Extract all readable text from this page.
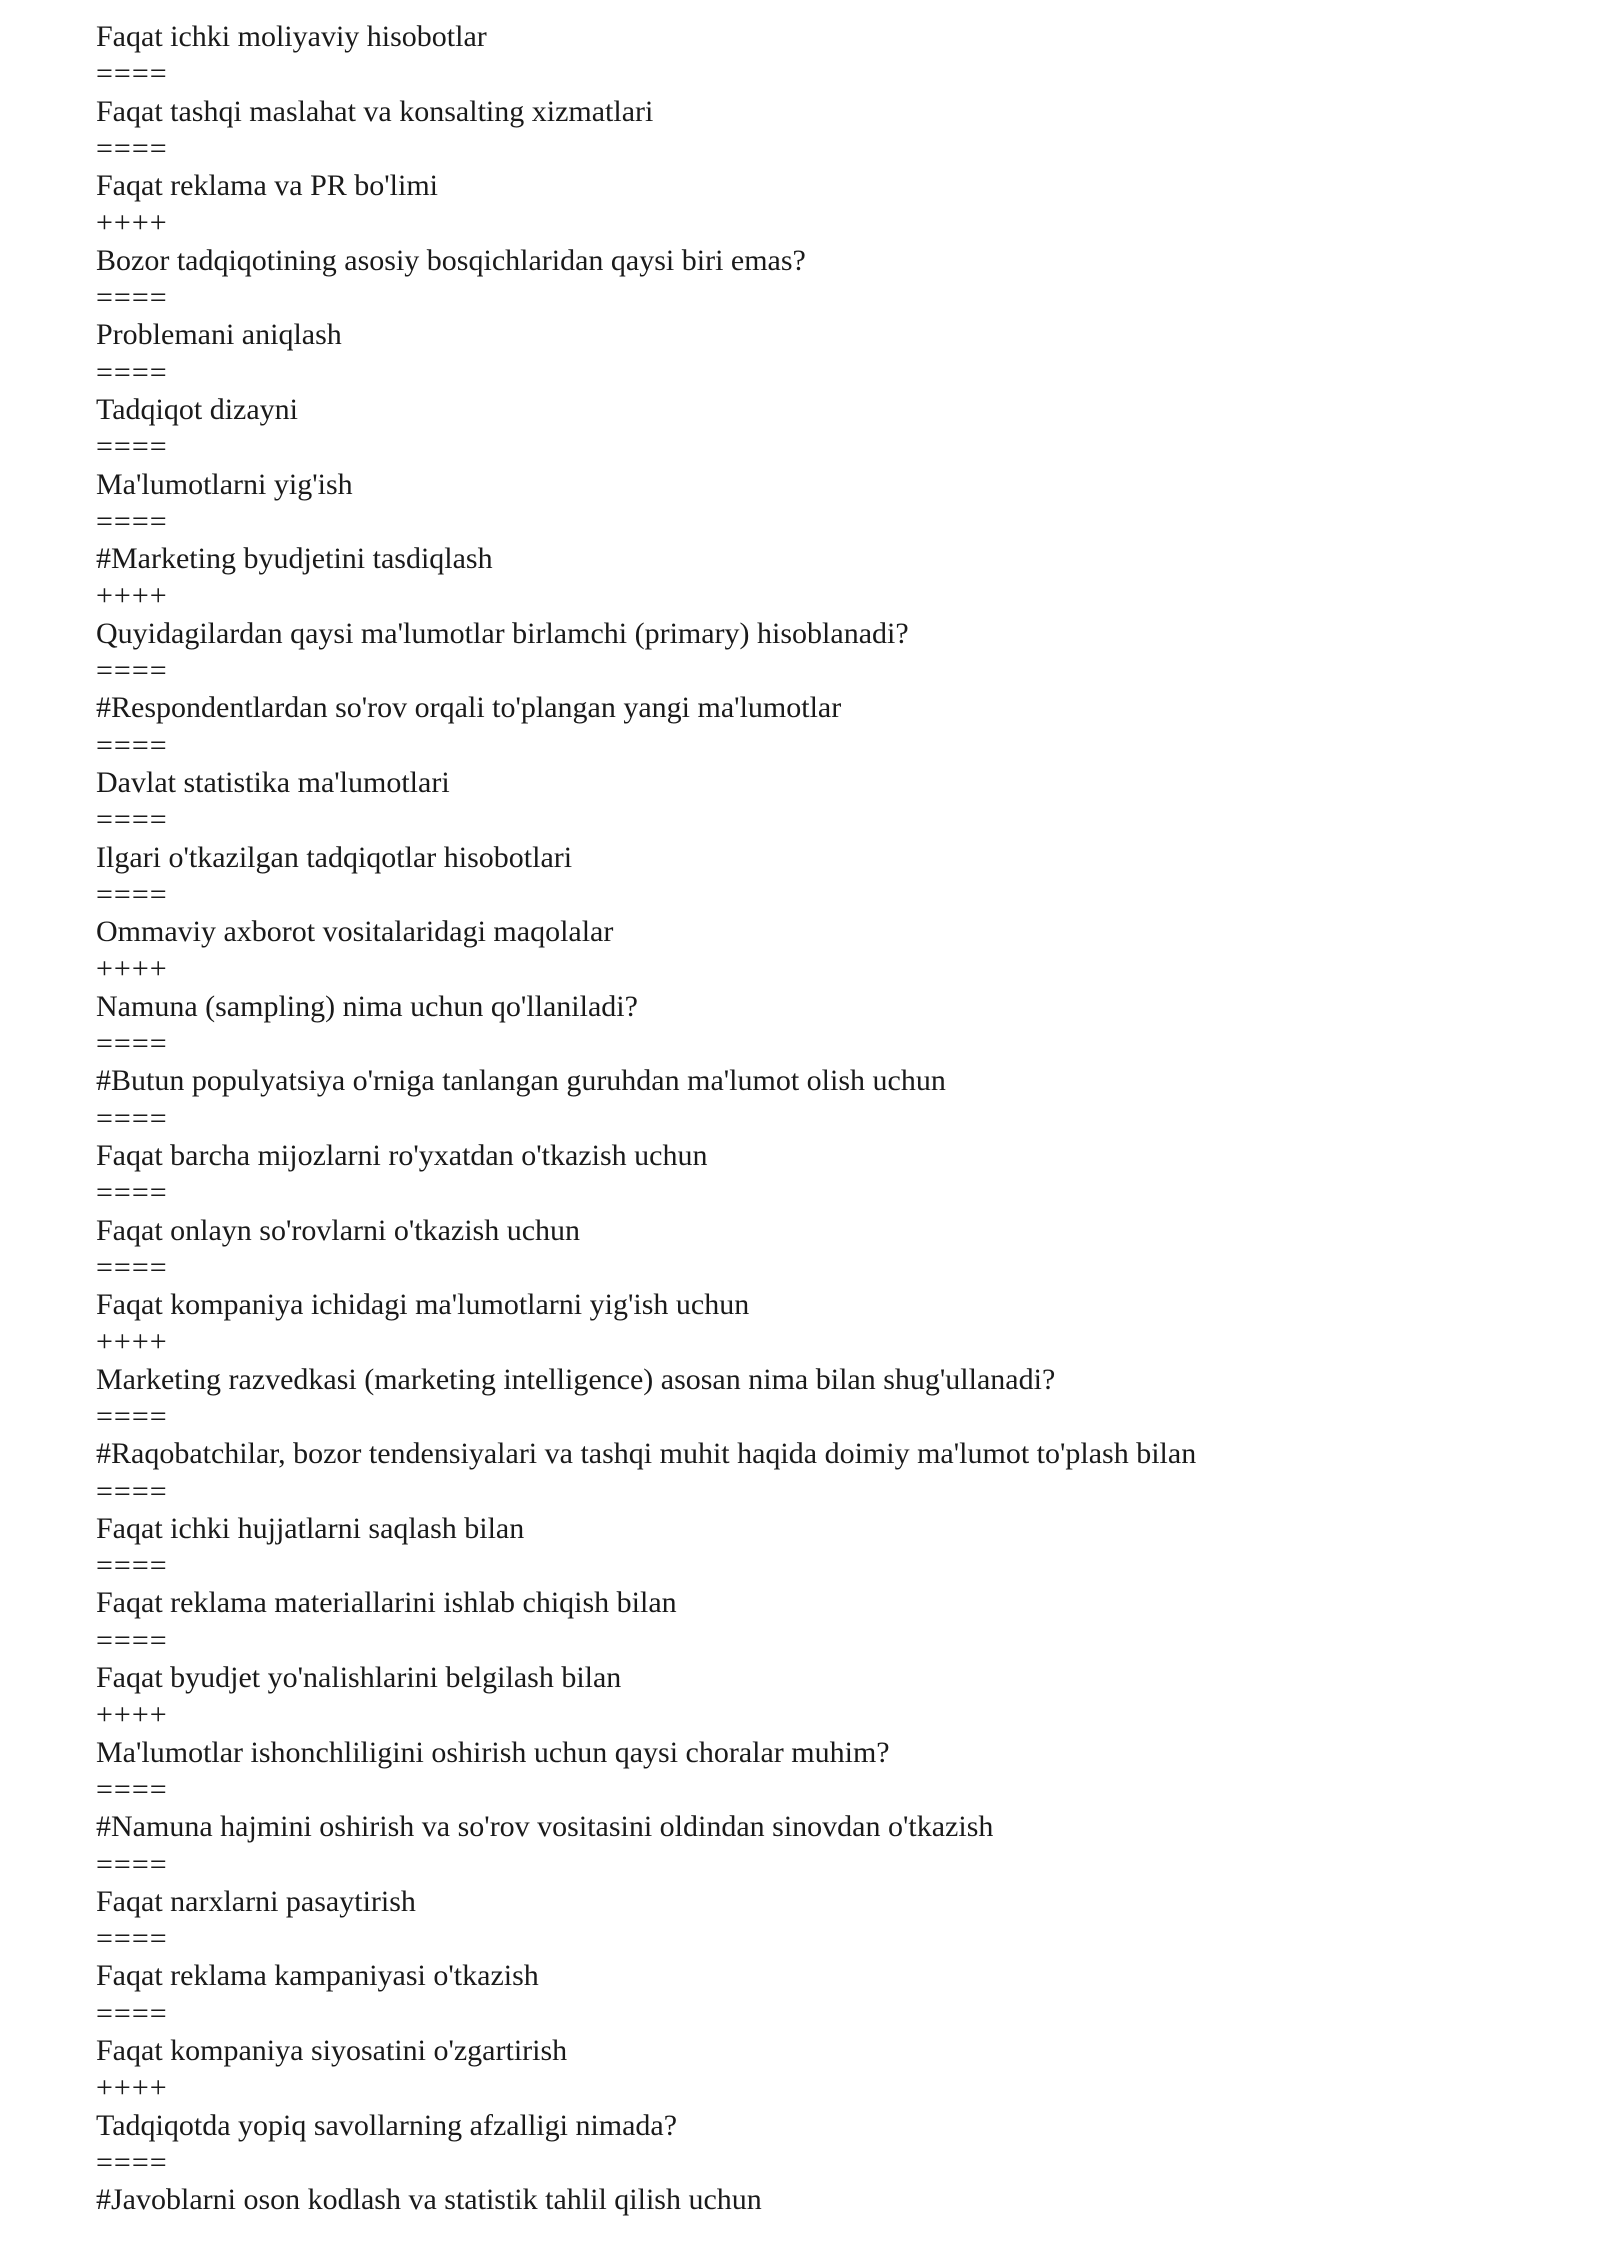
Faqat ichki moliyaviy hisobotlar
====
Faqat tashqi maslahat va konsalting xizmatlari
====
Faqat reklama va PR bo'limi
++++
Bozor tadqiqotining asosiy bosqichlaridan qaysi biri emas?
====
Problemani aniqlash
====
Tadqiqot dizayni
====
Ma'lumotlarni yig'ish
====
#Marketing byudjetini tasdiqlash
++++
Quyidagilardan qaysi ma'lumotlar birlamchi (primary) hisoblanadi?
====
#Respondentlardan so'rov orqali to'plangan yangi ma'lumotlar
====
Davlat statistika ma'lumotlari
====
Ilgari o'tkazilgan tadqiqotlar hisobotlari
====
Ommaviy axborot vositalaridagi maqolalar
++++
Namuna (sampling) nima uchun qo'llaniladi?
====
#Butun populyatsiya o'rniga tanlangan guruhdan ma'lumot olish uchun
====
Faqat barcha mijozlarni ro'yxatdan o'tkazish uchun
====
Faqat onlayn so'rovlarni o'tkazish uchun
====
Faqat kompaniya ichidagi ma'lumotlarni yig'ish uchun
++++
Marketing razvedkasi (marketing intelligence) asosan nima bilan shug'ullanadi?
====
#Raqobatchilar, bozor tendensiyalari va tashqi muhit haqida doimiy ma'lumot to'plash bilan
====
Faqat ichki hujjatlarni saqlash bilan
====
Faqat reklama materiallarini ishlab chiqish bilan
====
Faqat byudjet yo'nalishlarini belgilash bilan
++++
Ma'lumotlar ishonchliligini oshirish uchun qaysi choralar muhim?
====
#Namuna hajmini oshirish va so'rov vositasini oldindan sinovdan o'tkazish
====
Faqat narxlarni pasaytirish
====
Faqat reklama kampaniyasi o'tkazish
====
Faqat kompaniya siyosatini o'zgartirish
++++
Tadqiqotda yopiq savollarning afzalligi nimada?
====
#Javoblarni oson kodlash va statistik tahlil qilish uchun
